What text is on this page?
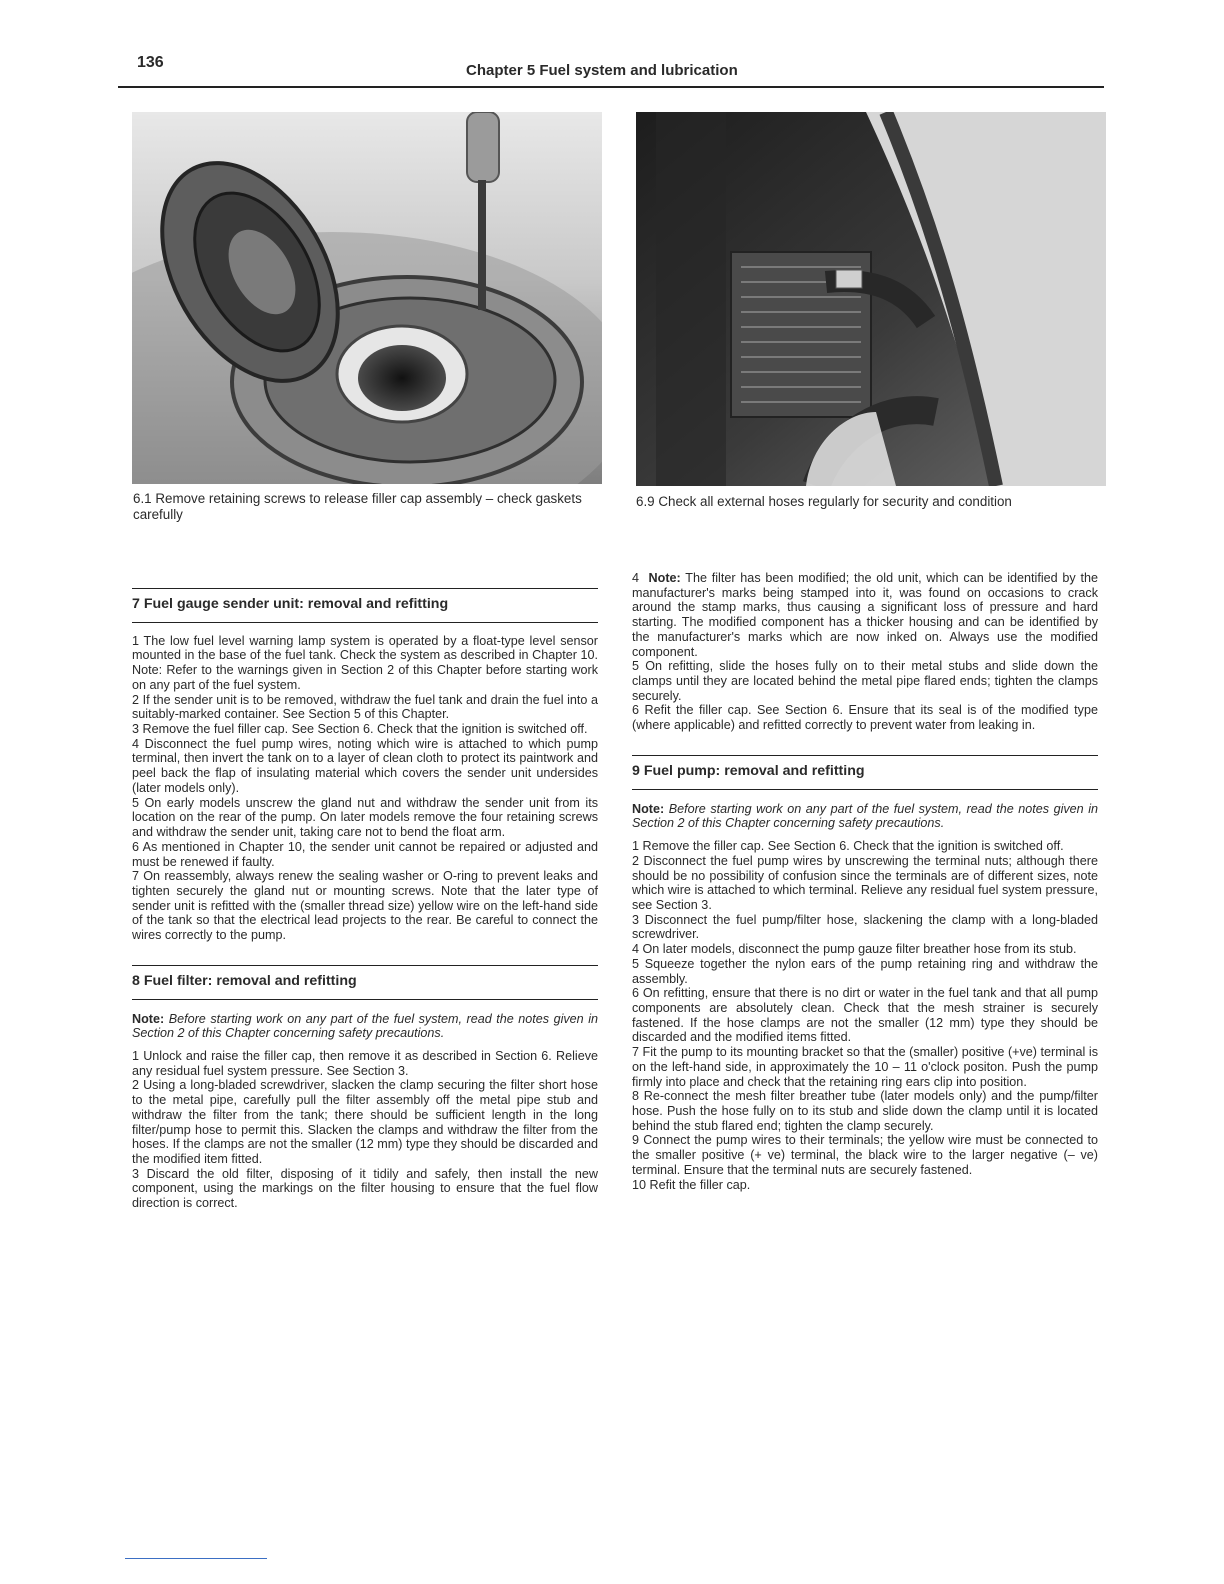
136	Chapter 5 Fuel system and lubrication
6.1 Remove retaining screws to release filler cap assembly – check gaskets carefully
6.9 Check all external hoses regularly for security and condition
7 Fuel gauge sender unit: removal and refitting

1 The low fuel level warning lamp system is operated by a float-type level sensor mounted in the base of the fuel tank. Check the system as described in Chapter 10. Note: Refer to the warnings given in Section 2 of this Chapter before starting work on any part of the fuel system.

2 If the sender unit is to be removed, withdraw the fuel tank and drain the fuel into a suitably-marked container. See Section 5 of this Chapter.

3 Remove the fuel filler cap. See Section 6. Check that the ignition is switched off.

4 Disconnect the fuel pump wires, noting which wire is attached to which pump terminal, then invert the tank on to a layer of clean cloth to protect its paintwork and peel back the flap of insulating material which covers the sender unit undersides (later models only).

5 On early models unscrew the gland nut and withdraw the sender unit from its location on the rear of the pump. On later models remove the four retaining screws and withdraw the sender unit, taking care not to bend the float arm.

6 As mentioned in Chapter 10, the sender unit cannot be repaired or adjusted and must be renewed if faulty.

7 On reassembly, always renew the sealing washer or O-ring to prevent leaks and tighten securely the gland nut or mounting screws. Note that the later type of sender unit is refitted with the (smaller thread size) yellow wire on the left-hand side of the tank so that the electrical lead projects to the rear. Be careful to connect the wires correctly to the pump.

8 Fuel filter: removal and refitting

Note: Before starting work on any part of the fuel system, read the notes given in Section 2 of this Chapter concerning safety precautions.

1 Unlock and raise the filler cap, then remove it as described in Section 6. Relieve any residual fuel system pressure. See Section 3.

2 Using a long-bladed screwdriver, slacken the clamp securing the filter short hose to the metal pipe, carefully pull the filter assembly off the metal pipe stub and withdraw the filter from the tank; there should be sufficient length in the long filter/pump hose to permit this. Slacken the clamps and withdraw the filter from the hoses. If the clamps are not the smaller (12 mm) type they should be discarded and the modified item fitted.

3 Discard the old filter, disposing of it tidily and safely, then install the new component, using the markings on the filter housing to ensure that the fuel flow direction is correct.

4 Note: The filter has been modified; the old unit, which can be identified by the manufacturer's marks being stamped into it, was found on occasions to crack around the stamp marks, thus causing a significant loss of pressure and hard starting. The modified component has a thicker housing and can be identified by the manufacturer's marks which are now inked on. Always use the modified component.

5 On refitting, slide the hoses fully on to their metal stubs and slide down the clamps until they are located behind the metal pipe flared ends; tighten the clamps securely.

6 Refit the filler cap. See Section 6. Ensure that its seal is of the modified type (where applicable) and refitted correctly to prevent water from leaking in.

9 Fuel pump: removal and refitting

Note: Before starting work on any part of the fuel system, read the notes given in Section 2 of this Chapter concerning safety precautions.

1 Remove the filler cap. See Section 6. Check that the ignition is switched off.

2 Disconnect the fuel pump wires by unscrewing the terminal nuts; although there should be no possibility of confusion since the terminals are of different sizes, note which wire is attached to which terminal. Relieve any residual fuel system pressure, see Section 3.

3 Disconnect the fuel pump/filter hose, slackening the clamp with a long-bladed screwdriver.

4 On later models, disconnect the pump gauze filter breather hose from its stub.

5 Squeeze together the nylon ears of the pump retaining ring and withdraw the assembly.

6 On refitting, ensure that there is no dirt or water in the fuel tank and that all pump components are absolutely clean. Check that the mesh strainer is securely fastened. If the hose clamps are not the smaller (12 mm) type they should be discarded and the modified items fitted.

7 Fit the pump to its mounting bracket so that the (smaller) positive (+ve) terminal is on the left-hand side, in approximately the 10 – 11 o'clock positon. Push the pump firmly into place and check that the retaining ring ears clip into position.

8 Re-connect the mesh filter breather tube (later models only) and the pump/filter hose. Push the hose fully on to its stub and slide down the clamp until it is located behind the stub flared end; tighten the clamp securely.

9 Connect the pump wires to their terminals; the yellow wire must be connected to the smaller positive (+ ve) terminal, the black wire to the larger negative (– ve) terminal. Ensure that the terminal nuts are securely fastened.

10 Refit the filler cap.
